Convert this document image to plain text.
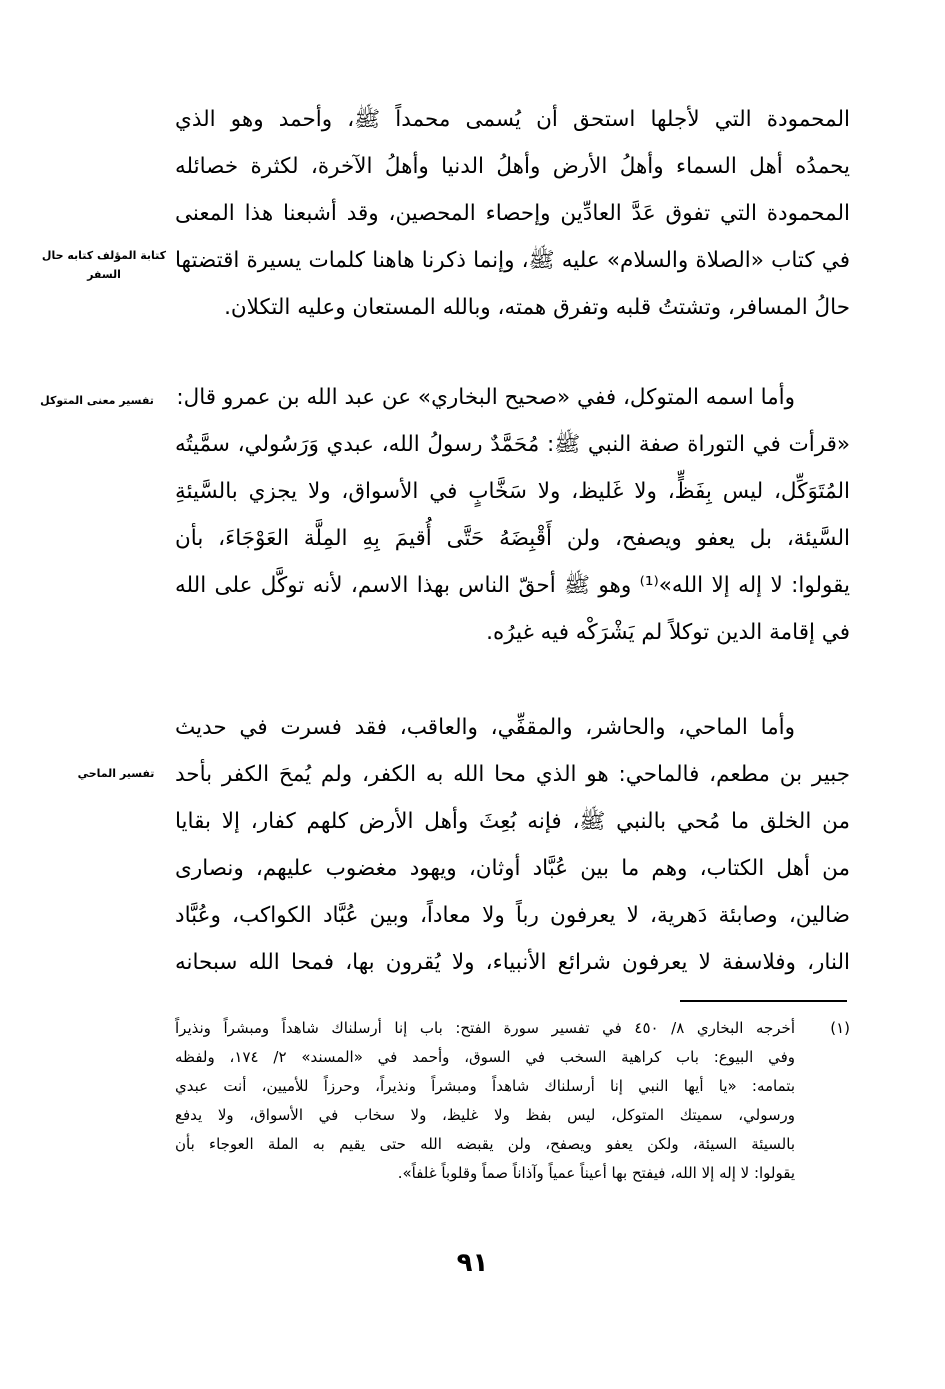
المحمودة التي لأجلها استحق أن يُسمى محمداً ﷺ، وأحمد وهو الذي
يحمدُه أهل السماء وأهلُ الأرض وأهلُ الدنيا وأهلُ الآخرة، لكثرة خصائله
المحمودة التي تفوق عَدَّ العادِّين وإحصاء المحصين، وقد أشبعنا هذا المعنى
في كتاب «الصلاة والسلام» عليه ﷺ، وإنما ذكرنا هاهنا كلمات يسيرة اقتضتها
حالُ المسافر، وتشتتُ قلبه وتفرق همته، وبالله المستعان وعليه التكلان.
كتابة المؤلف كتابه حال السفر
وأما اسمه المتوكل، ففي «صحيح البخاري» عن عبد الله بن عمرو قال:
«قرأت في التوراة صفة النبي ﷺ: مُحَمَّدٌ رسولُ الله، عبدي وَرَسُولي، سمَّيتُه
المُتَوَكِّل، ليس بِفَظٍّ، ولا غَليظ، ولا سَخَّابٍ في الأسواق، ولا يجزي بالسَّيئةِ
السَّيئة، بل يعفو ويصفح، ولن أَقْبِضَهُ حَتَّى أُقيمَ بِهِ المِلَّة العَوْجَاءَ، بأن
يقولوا: لا إله إلا الله»⁽¹⁾ وهو ﷺ أحقّ الناس بهذا الاسم، لأنه توكَّل على الله
في إقامة الدين توكلاً لم يَشْرَكْه فيه غيرُه.
تفسير معنى المتوكل
وأما الماحي، والحاشر، والمقفِّي، والعاقب، فقد فسرت في حديث
جبير بن مطعم، فالماحي: هو الذي محا الله به الكفر، ولم يُمحَ الكفر بأحد
من الخلق ما مُحي بالنبي ﷺ، فإنه بُعِثَ وأهل الأرض كلهم كفار، إلا بقايا
من أهل الكتاب، وهم ما بين عُبَّاد أوثان، ويهود مغضوب عليهم، ونصارى
ضالين، وصابئة دَهرية، لا يعرفون رباً ولا معاداً، وبين عُبَّاد الكواكب، وعُبَّاد
النار، وفلاسفة لا يعرفون شرائع الأنبياء، ولا يُقرون بها، فمحا الله سبحانه
تفسير الماحي
(١)
أخرجه البخاري ٨/ ٤٥٠ في تفسير سورة الفتح: باب إنا أرسلناك شاهداً ومبشراً ونذيراً
وفي البيوع: باب كراهية السخب في السوق، وأحمد في «المسند» ٢/ ١٧٤، ولفظه
بتمامه: «يا أيها النبي إنا أرسلناك شاهداً ومبشراً ونذيراً، وحرزاً للأميين، أنت عبدي
ورسولي، سميتك المتوكل، ليس بفظ ولا غليظ، ولا سخاب في الأسواق، ولا يدفع
بالسيئة السيئة، ولكن يعفو ويصفح، ولن يقبضه الله حتى يقيم به الملة العوجاء بأن
يقولوا: لا إله إلا الله، فيفتح بها أعيناً عمياً وآذاناً صماً وقلوباً غلفاً».
٩١
